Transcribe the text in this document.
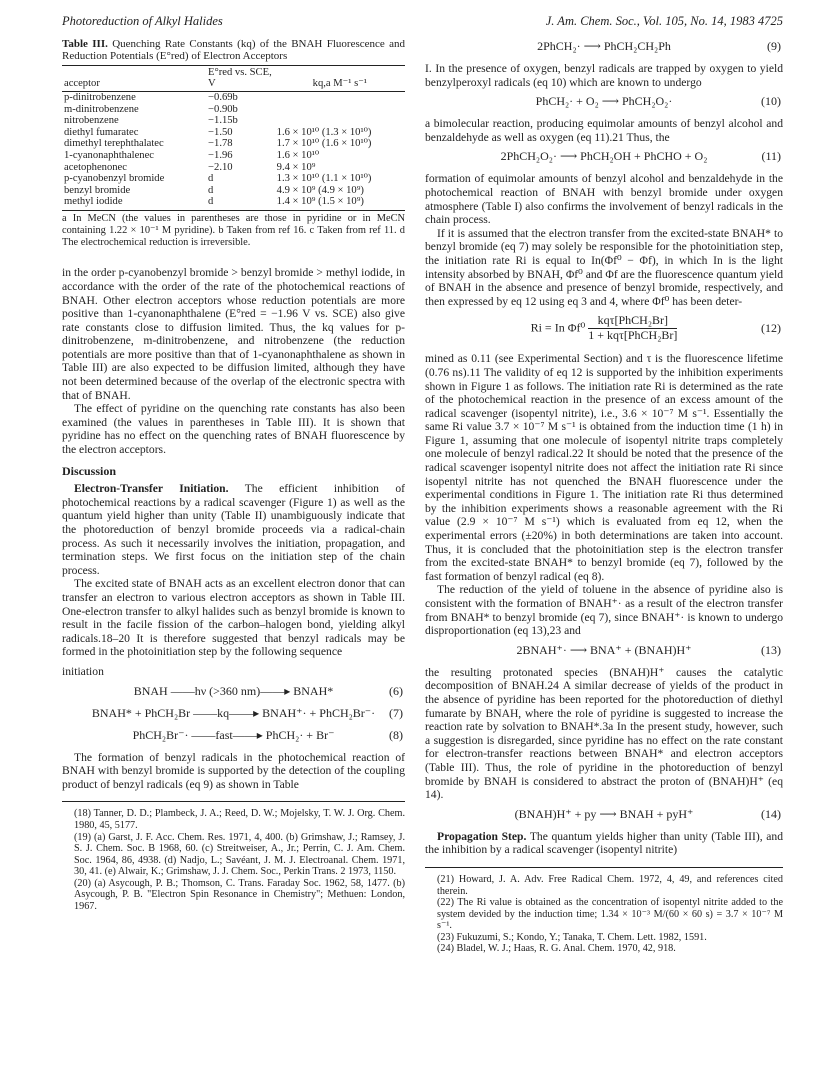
Photoreduction of Alkyl Halides	J. Am. Chem. Soc., Vol. 105, No. 14, 1983 4725

Table III. Quenching Rate Constants (kq) of the BNAH Fluorescence and Reduction Potentials (E°red) of Electron Acceptors

acceptor	E°red vs. SCE, V	kq,a M⁻¹ s⁻¹
p-dinitrobenzene	−0.69b	
m-dinitrobenzene	−0.90b	
nitrobenzene	−1.15b	
diethyl fumaratec	−1.50	1.6 × 10¹⁰ (1.3 × 10¹⁰)
dimethyl terephthalatec	−1.78	1.7 × 10¹⁰ (1.6 × 10¹⁰)
1-cyanonaphthalenec	−1.96	1.6 × 10¹⁰
acetophenonec	−2.10	9.4 × 10⁹
p-cyanobenzyl bromide	d	1.3 × 10¹⁰ (1.1 × 10¹⁰)
benzyl bromide	d	4.9 × 10⁹ (4.9 × 10⁹)
methyl iodide	d	1.4 × 10⁹ (1.5 × 10⁹)

a In MeCN (the values in parentheses are those in pyridine or in MeCN containing 1.22 × 10⁻¹ M pyridine). b Taken from ref 16. c Taken from ref 11. d The electrochemical reduction is irreversible.

in the order p-cyanobenzyl bromide > benzyl bromide > methyl iodide, in accordance with the order of the rate of the photochemical reactions of BNAH. Other electron acceptors whose reduction potentials are more positive than 1-cyanonaphthalene (E°red = −1.96 V vs. SCE) also give rate constants close to diffusion limited. Thus, the kq values for p-dinitrobenzene, m-dinitrobenzene, and nitrobenzene (the reduction potentials are more positive than that of 1-cyanonaphthalene as shown in Table III) are also expected to be diffusion limited, although they have not been determined because of the overlap of the electronic spectra with that of BNAH.

The effect of pyridine on the quenching rate constants has also been examined (the values in parentheses in Table III). It is shown that pyridine has no effect on the quenching rates of BNAH fluorescence by the electron acceptors.

Discussion

Electron-Transfer Initiation. The efficient inhibition of photochemical reactions by a radical scavenger (Figure 1) as well as the quantum yield higher than unity (Table II) unambiguously indicate that the photoreduction of benzyl bromide proceeds via a radical-chain process. As such it necessarily involves the initiation, propagation, and termination steps. We first focus on the initiation step of the chain process.

The excited state of BNAH acts as an excellent electron donor that can transfer an electron to various electron acceptors as shown in Table III. One-electron transfer to alkyl halides such as benzyl bromide is known to result in the facile fission of the carbon–halogen bond, yielding alkyl radicals.18–20 It is therefore suggested that benzyl radicals may be formed in the photoinitiation step by the following sequence

initiation

BNAH ——hν (>360 nm)——▸ BNAH*	(6)
BNAH* + PhCH₂Br ——kq——▸ BNAH⁺· + PhCH₂Br⁻· (7)
PhCH₂Br⁻· ——fast——▸ PhCH₂· + Br⁻	(8)

The formation of benzyl radicals in the photochemical reaction of BNAH with benzyl bromide is supported by the detection of the coupling product of benzyl radicals (eq 9) as shown in Table

(18) Tanner, D. D.; Plambeck, J. A.; Reed, D. W.; Mojelsky, T. W. J. Org. Chem. 1980, 45, 5177.

(19) (a) Garst, J. F. Acc. Chem. Res. 1971, 4, 400. (b) Grimshaw, J.; Ramsey, J. S. J. Chem. Soc. B 1968, 60. (c) Streitweiser, A., Jr.; Perrin, C. J. Am. Chem. Soc. 1964, 86, 4938. (d) Nadjo, L.; Savéant, J. M. J. Electroanal. Chem. 1971, 30, 41. (e) Alwair, K.; Grimshaw, J. J. Chem. Soc., Perkin Trans. 2 1973, 1150.

(20) (a) Asycough, P. B.; Thomson, C. Trans. Faraday Soc. 1962, 58, 1477. (b) Asycough, P. B. "Electron Spin Resonance in Chemistry"; Methuen: London, 1967.

2PhCH₂· ⟶ PhCH₂CH₂Ph	(9)

I. In the presence of oxygen, benzyl radicals are trapped by oxygen to yield benzylperoxyl radicals (eq 10) which are known to undergo

PhCH₂· + O₂ ⟶ PhCH₂O₂·	(10)

a bimolecular reaction, producing equimolar amounts of benzyl alcohol and benzaldehyde as well as oxygen (eq 11).21 Thus, the

2PhCH₂O₂· ⟶ PhCH₂OH + PhCHO + O₂	(11)

formation of equimolar amounts of benzyl alcohol and benzaldehyde in the photochemical reaction of BNAH with benzyl bromide under oxygen atmosphere (Table I) also confirms the involvement of benzyl radicals in the chain process.

If it is assumed that the electron transfer from the excited-state BNAH* to benzyl bromide (eq 7) may solely be responsible for the photoinitiation step, the initiation rate Ri is equal to In(Φf⁰ − Φf), in which In is the light intensity absorbed by BNAH, Φf⁰ and Φf are the fluorescence quantum yield of BNAH in the absence and presence of benzyl bromide, respectively, and then expressed by eq 12 using eq 3 and 4, where Φf⁰ has been deter-

Ri = In $\Phi f^0 \frac{\text{kqτ[PhCH₂Br]}}{\text{1 + kqτ[PhCH₂Br]}}$	(12)

mined as 0.11 (see Experimental Section) and τ is the fluorescence lifetime (0.76 ns).11 The validity of eq 12 is supported by the inhibition experiments shown in Figure 1 as follows. The initiation rate Ri is determined as the rate of the photochemical reaction in the presence of an excess amount of the radical scavenger (isopentyl nitrite), i.e., 3.6 × 10⁻⁷ M s⁻¹. Essentially the same Ri value 3.7 × 10⁻⁷ M s⁻¹ is obtained from the induction time (1 h) in Figure 1, assuming that one molecule of isopentyl nitrite traps completely one molecule of benzyl radical.22 It should be noted that the presence of the radical scavenger isopentyl nitrite does not affect the initiation rate Ri since isopentyl nitrite has not quenched the BNAH fluorescence under the experimental conditions in Figure 1. The initiation rate Ri thus determined by the inhibition experiments shows a reasonable agreement with the Ri value (2.9 × 10⁻⁷ M s⁻¹) which is evaluated from eq 12, when the experimental errors (±20%) in both determinations are taken into account. Thus, it is concluded that the photoinitiation step is the electron transfer from the excited-state BNAH* to benzyl bromide (eq 7), followed by the fast formation of benzyl radical (eq 8).

The reduction of the yield of toluene in the absence of pyridine also is consistent with the formation of BNAH⁺· as a result of the electron transfer from BNAH* to benzyl bromide (eq 7), since BNAH⁺· is known to undergo disproportionation (eq 13),23 and

2BNAH⁺· ⟶ BNA⁺ + (BNAH)H⁺	(13)

the resulting protonated species (BNAH)H⁺ causes the catalytic decomposition of BNAH.24 A similar decrease of yields of the product in the absence of pyridine has been reported for the photoreduction of diethyl fumarate by BNAH, where the role of pyridine is suggested to increase the reaction rate by solvation to BNAH*.3a In the present study, however, such a suggestion is disregarded, since pyridine has no effect on the rate constant for electron-transfer reactions between BNAH* and electron acceptors (Table III). Thus, the role of pyridine in the photoreduction of benzyl bromide by BNAH is considered to abstract the proton of (BNAH)H⁺ (eq 14).

(BNAH)H⁺ + py ⟶ BNAH + pyH⁺	(14)

Propagation Step. The quantum yields higher than unity (Table III), and the inhibition by a radical scavenger (isopentyl nitrite)

(21) Howard, J. A. Adv. Free Radical Chem. 1972, 4, 49, and references cited therein.

(22) The Ri value is obtained as the concentration of isopentyl nitrite added to the system devided by the induction time; 1.34 × 10⁻³ M/(60 × 60 s) = 3.7 × 10⁻⁷ M s⁻¹.

(23) Fukuzumi, S.; Kondo, Y.; Tanaka, T. Chem. Lett. 1982, 1591.

(24) Bladel, W. J.; Haas, R. G. Anal. Chem. 1970, 42, 918.
